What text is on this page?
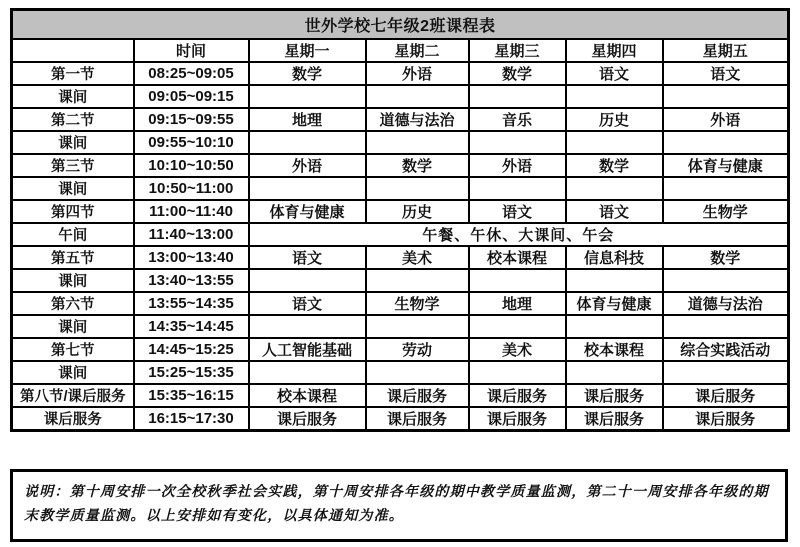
世外学校七年级2班课程表						
	时间	星期一	星期二	星期三	星期四	星期五
第一节	08:25~09:05	数学	外语	数学	语文	语文
课间	09:05~09:15					
第二节	09:15~09:55	地理	道德与法治	音乐	历史	外语
课间	09:55~10:10					
第三节	10:10~10:50	外语	数学	外语	数学	体育与健康
课间	10:50~11:00					
第四节	11:00~11:40	体育与健康	历史	语文	语文	生物学
午间	11:40~13:00	午餐、午休、大课间、午会				
第五节	13:00~13:40	语文	美术	校本课程	信息科技	数学
课间	13:40~13:55					
第六节	13:55~14:35	语文	生物学	地理	体育与健康	道德与法治
课间	14:35~14:45					
第七节	14:45~15:25	人工智能基础	劳动	美术	校本课程	综合实践活动
课间	15:25~15:35					
第八节/课后服务	15:35~16:15	校本课程	课后服务	课后服务	课后服务	课后服务
课后服务	16:15~17:30	课后服务	课后服务	课后服务	课后服务	课后服务
说明：第十周安排一次全校秋季社会实践，第十周安排各年级的期中教学质量监测，第二十一周安排各年级的期末教学质量监测。以上安排如有变化，以具体通知为准。
